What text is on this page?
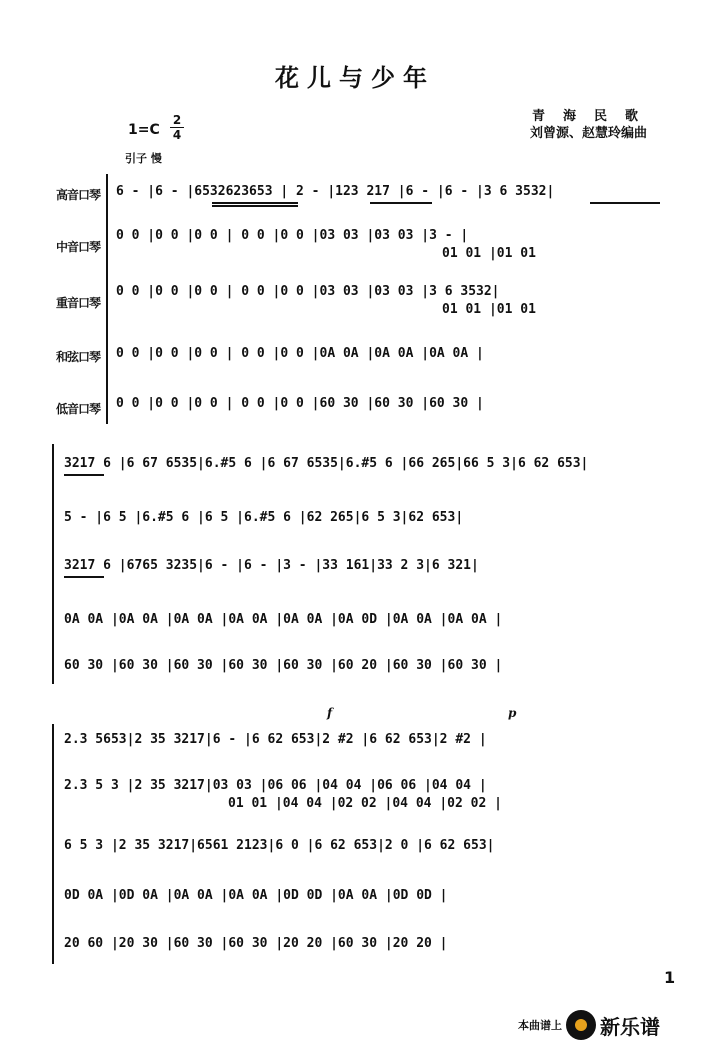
花儿与少年
青海民歌
刘曾源、赵慧玲编曲
1=C
2
4
引子 慢
高音口琴
中音口琴
重音口琴
和弦口琴
低音口琴
6 - |6 - |6532623653 | 2 - |123 217 |6 - |6 - |3 6 3532|
0 0 |0 0 |0 0 | 0 0 |0 0 |03 03 |03 03 |3 - |
01 01 |01 01
0 0 |0 0 |0 0 | 0 0 |0 0 |03 03 |03 03 |3 6 3532|
01 01 |01 01
0 0 |0 0 |0 0 | 0 0 |0 0 |0A 0A |0A 0A |0A 0A |
0 0 |0 0 |0 0 | 0 0 |0 0 |60 30 |60 30 |60 30 |
3217 6 |6 67 6535|6.#5 6 |6 67 6535|6.#5 6 |66 265|66 5 3|6 62 653|
5 - |6 5 |6.#5 6 |6 5 |6.#5 6 |62 265|6 5 3|62 653|
3217 6 |6765 3235|6 - |6 - |3 - |33 161|33 2 3|6 321|
0A 0A |0A 0A |0A 0A |0A 0A |0A 0A |0A 0D |0A 0A |0A 0A |
60 30 |60 30 |60 30 |60 30 |60 30 |60 20 |60 30 |60 30 |
f	p
2.3 5653|2 35 3217|6 - |6 62 653|2 #2 |6 62 653|2 #2 |
2.3 5 3 |2 35 3217|03 03 |06 06 |04 04 |06 06 |04 04 |
01 01 |04 04 |02 02 |04 04 |02 02 |
6 5 3 |2 35 3217|6561 2123|6 0 |6 62 653|2 0 |6 62 653|
0D 0A |0D 0A |0A 0A |0A 0A |0D 0D |0A 0A |0D 0D |
20 60 |20 30 |60 30 |60 30 |20 20 |60 30 |20 20 |
1
本曲谱上 新乐谱
